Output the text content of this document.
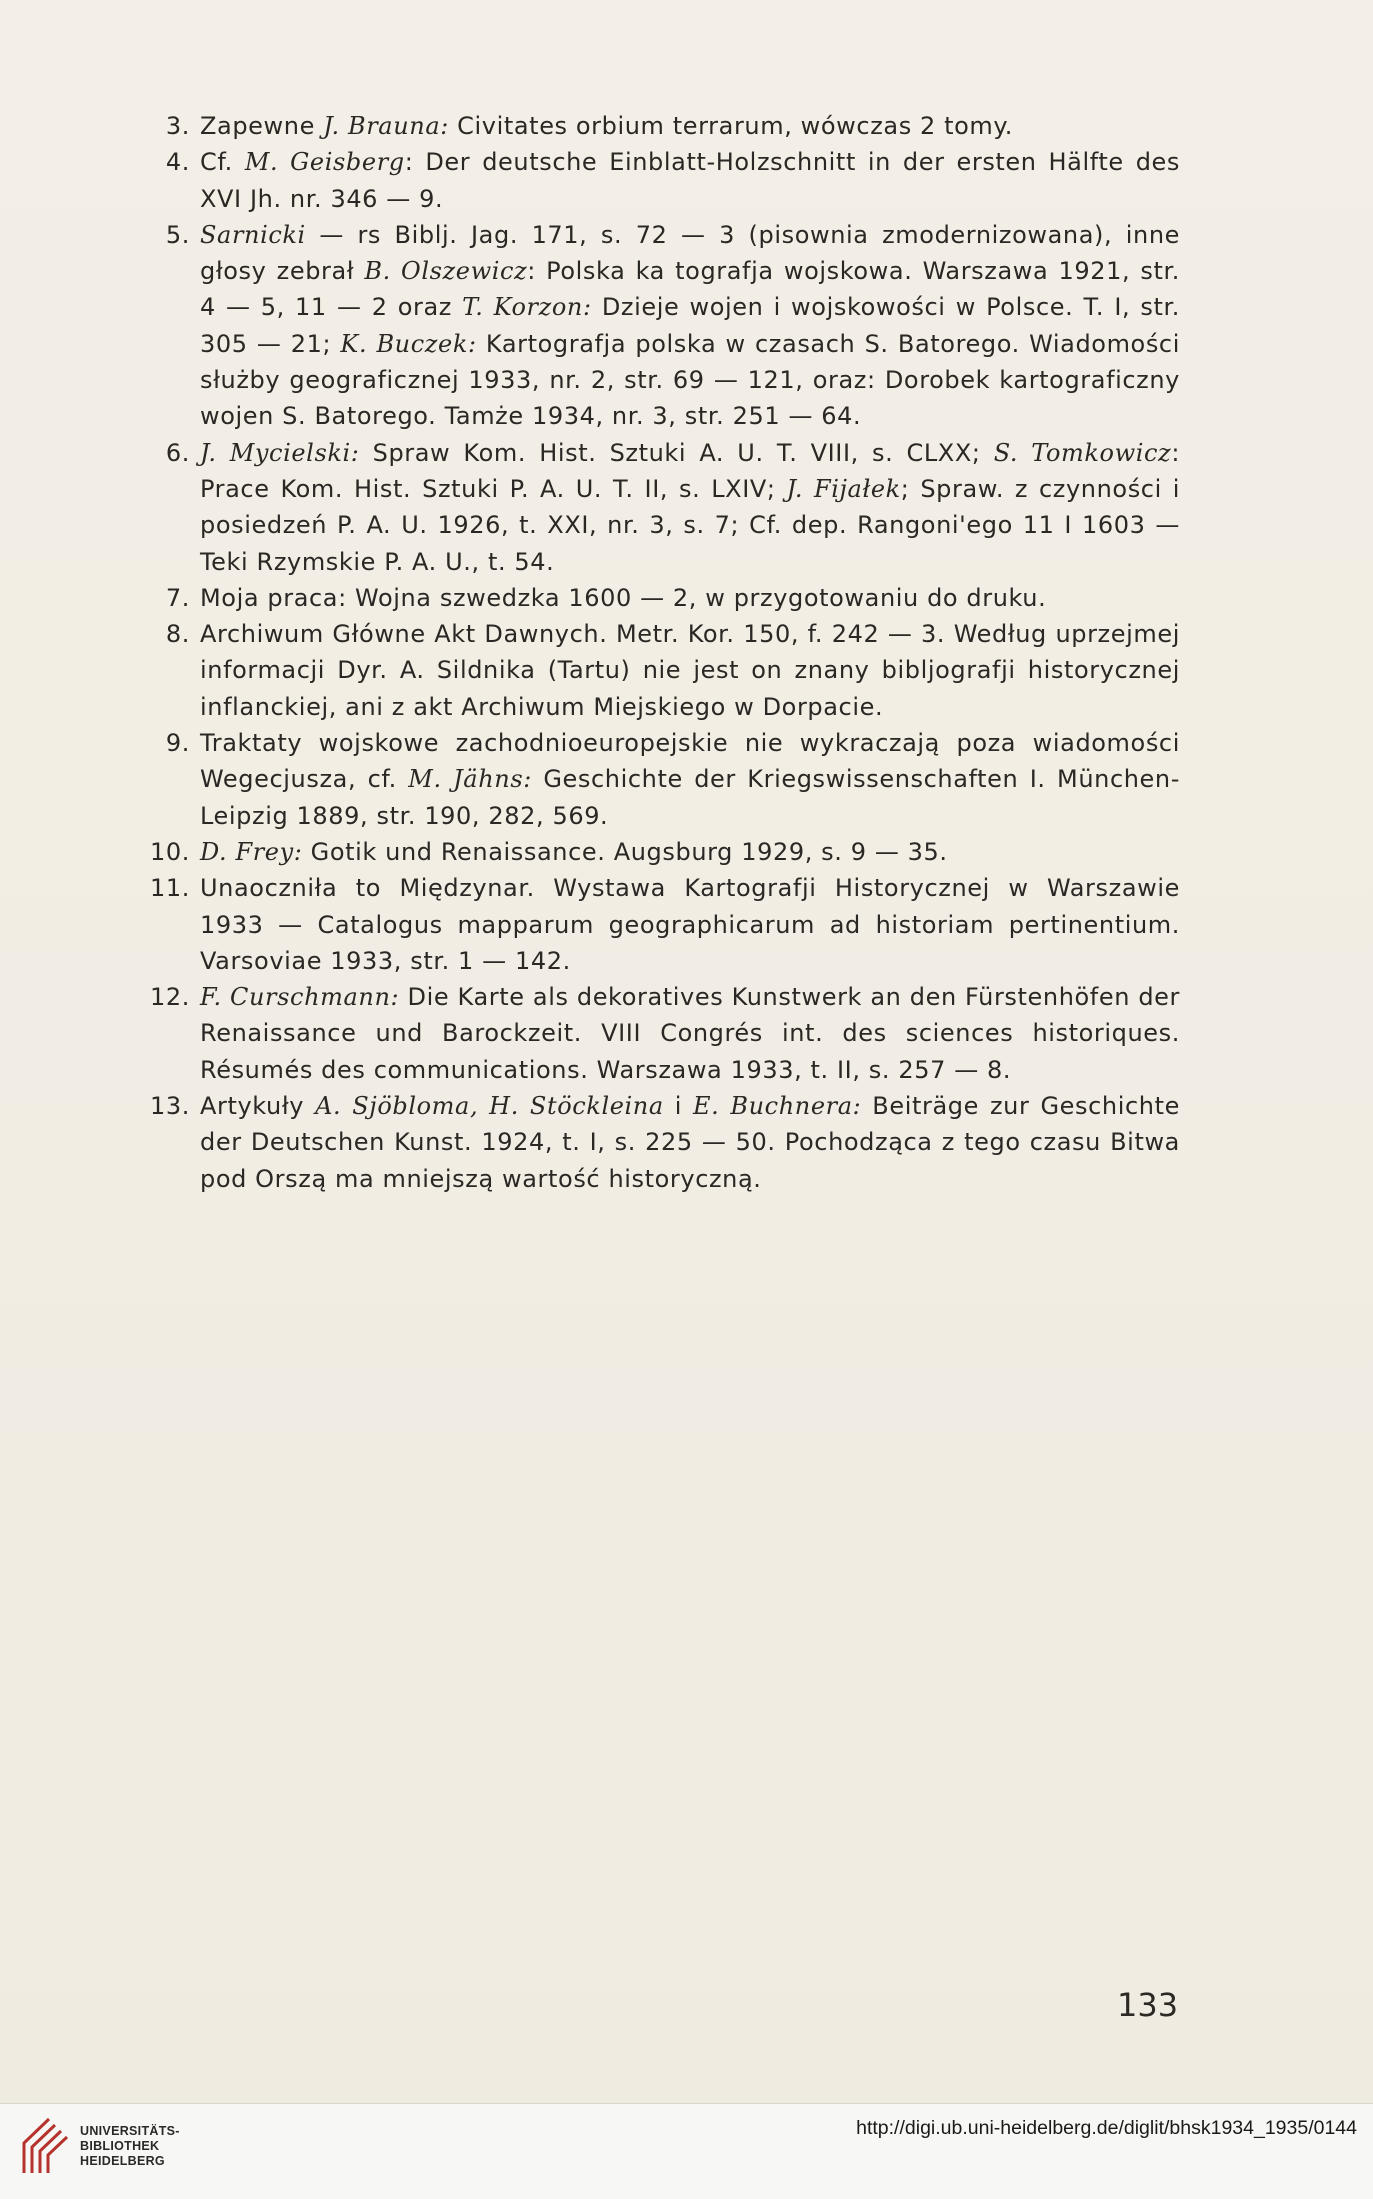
3. Zapewne J. Brauna: Civitates orbium terrarum, wówczas 2 tomy.
4. Cf. M. Geisberg: Der deutsche Einblatt-Holzschnitt in der ersten Hälfte des XVI Jh. nr. 346 — 9.
5. Sarnicki — rs Biblj. Jag. 171, s. 72 — 3 (pisownia zmodernizowana), inne głosy zebrał B. Olszewicz: Polska ka tografja wojskowa. Warszawa 1921, str. 4 — 5, 11 — 2 oraz T. Korzon: Dzieje wojen i wojskowości w Polsce. T. I, str. 305 — 21; K. Buczek: Kartografja polska w czasach S. Batorego. Wiadomości służby geograficznej 1933, nr. 2, str. 69 — 121, oraz: Dorobek kartograficzny wojen S. Batorego. Tamże 1934, nr. 3, str. 251 — 64.
6. J. Mycielski: Spraw Kom. Hist. Sztuki A. U. T. VIII, s. CLXX; S. Tomkowicz: Prace Kom. Hist. Sztuki P. A. U. T. II, s. LXIV; J. Fijałek; Spraw. z czynności i posiedzeń P. A. U. 1926, t. XXI, nr. 3, s. 7; Cf. dep. Rangoni'ego 11 I 1603 — Teki Rzymskie P. A. U., t. 54.
7. Moja praca: Wojna szwedzka 1600 — 2, w przygotowaniu do druku.
8. Archiwum Główne Akt Dawnych. Metr. Kor. 150, f. 242 — 3. Według uprzejmej informacji Dyr. A. Sildnika (Tartu) nie jest on znany bibljografji historycznej inflanckiej, ani z akt Archiwum Miejskiego w Dorpacie.
9. Traktaty wojskowe zachodnioeuropejskie nie wykraczają poza wiadomości Wegecjusza, cf. M. Jähns: Geschichte der Kriegswissenschaften I. München-Leipzig 1889, str. 190, 282, 569.
10. D. Frey: Gotik und Renaissance. Augsburg 1929, s. 9 — 35.
11. Unaoczniła to Międzynar. Wystawa Kartografji Historycznej w Warszawie 1933 — Catalogus mapparum geographicarum ad historiam pertinentium. Varsoviae 1933, str. 1 — 142.
12. F. Curschmann: Die Karte als dekoratives Kunstwerk an den Fürstenhöfen der Renaissance und Barockzeit. VIII Congrés int. des sciences historiques. Résumés des communications. Warszawa 1933, t. II, s. 257 — 8.
13. Artykuły A. Sjöbloma, H. Stöckleina i E. Buchnera: Beiträge zur Geschichte der Deutschen Kunst. 1924, t. I, s. 225 — 50. Pochodząca z tego czasu Bitwa pod Orszą ma mniejszą wartość historyczną.
133
UNIVERSITÄTS-
BIBLIOTHEK
HEIDELBERG
http://digi.ub.uni-heidelberg.de/diglit/bhsk1934_1935/0144
